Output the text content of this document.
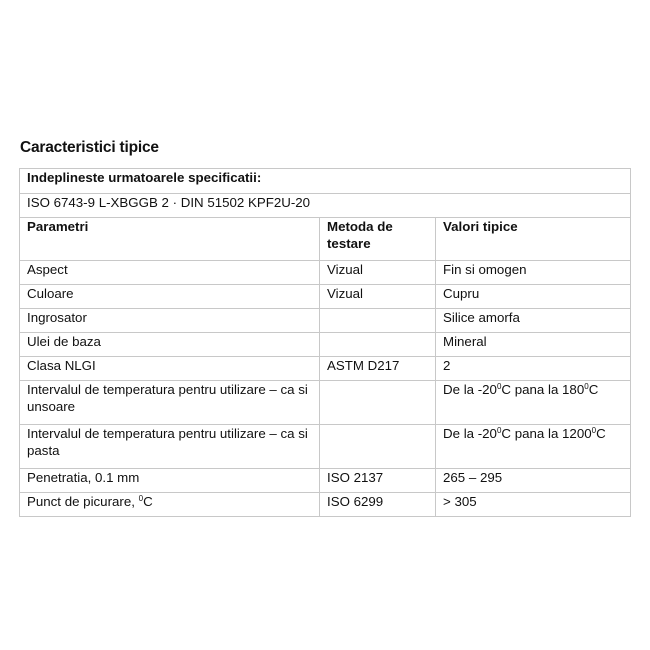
Caracteristici tipice
Indeplineste urmatoarele specificatii:		
ISO 6743-9 L-XBGGB 2 · DIN 51502 KPF2U-20		
Parametri	Metoda de testare	Valori tipice
Aspect	Vizual	Fin si omogen
Culoare	Vizual	Cupru
Ingrosator		Silice amorfa
Ulei de baza		Mineral
Clasa NLGI	ASTM D217	2
Intervalul de temperatura pentru utilizare – ca si unsoare		De la $-20^0C$ pana la $180^0C$
Intervalul de temperatura pentru utilizare – ca si pasta		De la $-20^0C$ pana la 1200$^0$C
Penetratia, 0.1 mm	ISO 2137	265 – 295
Punct de picurare, $^0$C	ISO 6299	> 305
